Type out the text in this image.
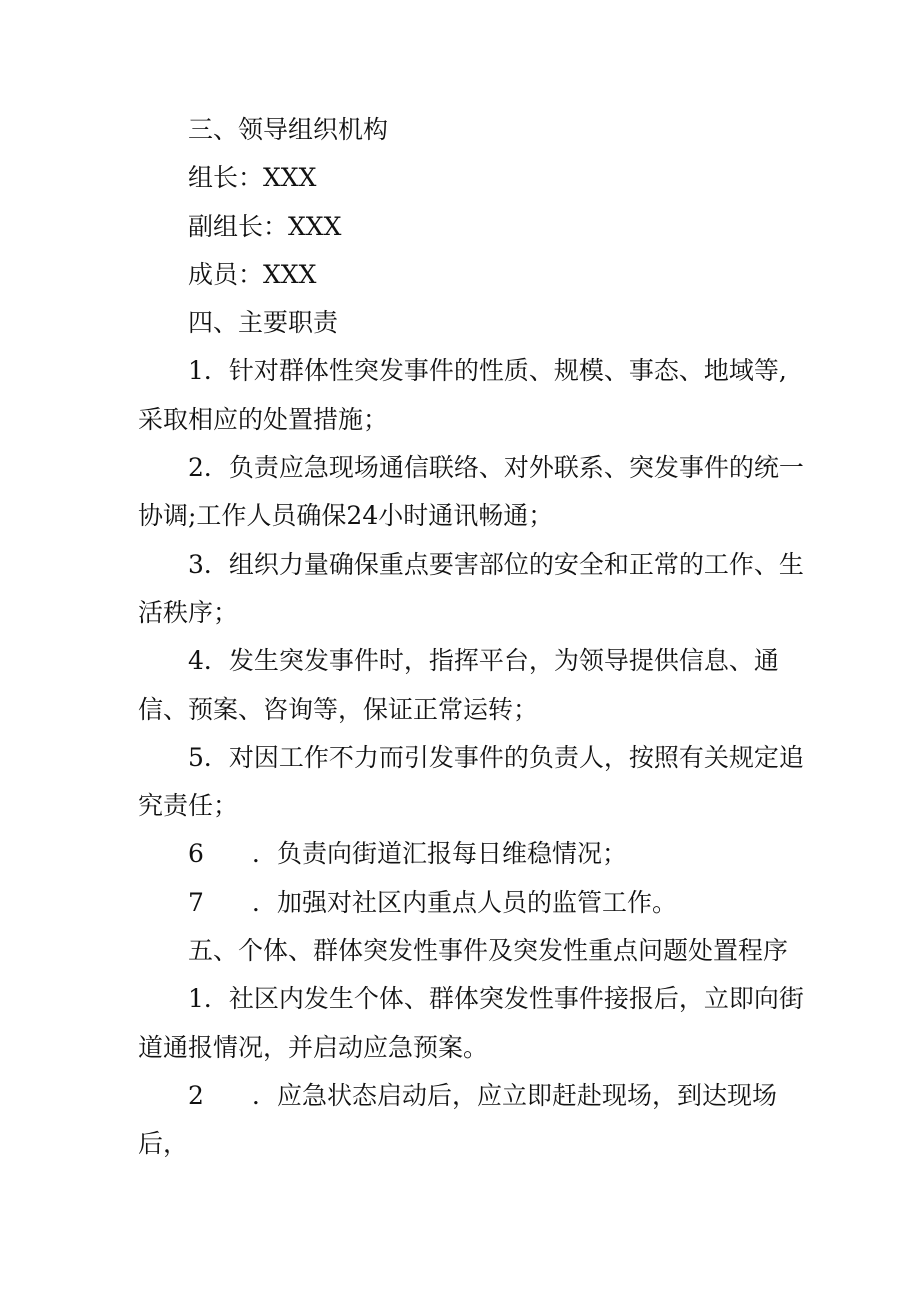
三、领导组织机构
组长：XXX
副组长：XXX
成员：XXX
四、主要职责
1．针对群体性突发事件的性质、规模、事态、地域等,
采取相应的处置措施；
2．负责应急现场通信联络、对外联系、突发事件的统一
协调;工作人员确保24小时通讯畅通；
3．组织力量确保重点要害部位的安全和正常的工作、生
活秩序；
4．发生突发事件时，指挥平台，为领导提供信息、通
信、预案、咨询等，保证正常运转；
5．对因工作不力而引发事件的负责人，按照有关规定追
究责任；
6 ．负责向街道汇报每日维稳情况；
7 ．加强对社区内重点人员的监管工作。
五、个体、群体突发性事件及突发性重点问题处置程序
1．社区内发生个体、群体突发性事件接报后，立即向街
道通报情况，并启动应急预案。
2 ．应急状态启动后，应立即赶赴现场，到达现场
后，
